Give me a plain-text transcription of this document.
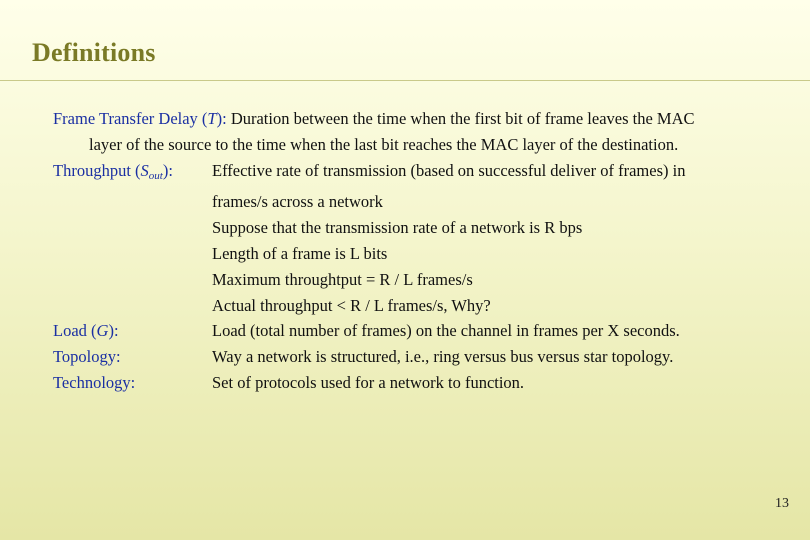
Definitions
Frame Transfer Delay (T): Duration between the time when the first bit of frame leaves the MAC
layer of the source to the time when the last bit reaches the MAC layer of the destination.
Throughput $(S_{out})$:	Effective rate of transmission (based on successful deliver of frames) in
frames/s across a network
Suppose that the transmission rate of a network is R bps
Length of a frame is L bits
Maximum throughtput = R / L frames/s
Actual throughput < R / L frames/s, Why?
Load (G):	Load (total number of frames) on the channel in frames per X seconds.
Topology:	Way a network is structured, i.e., ring versus bus versus star topology.
Technology:	Set of protocols used for a network to function.
13
